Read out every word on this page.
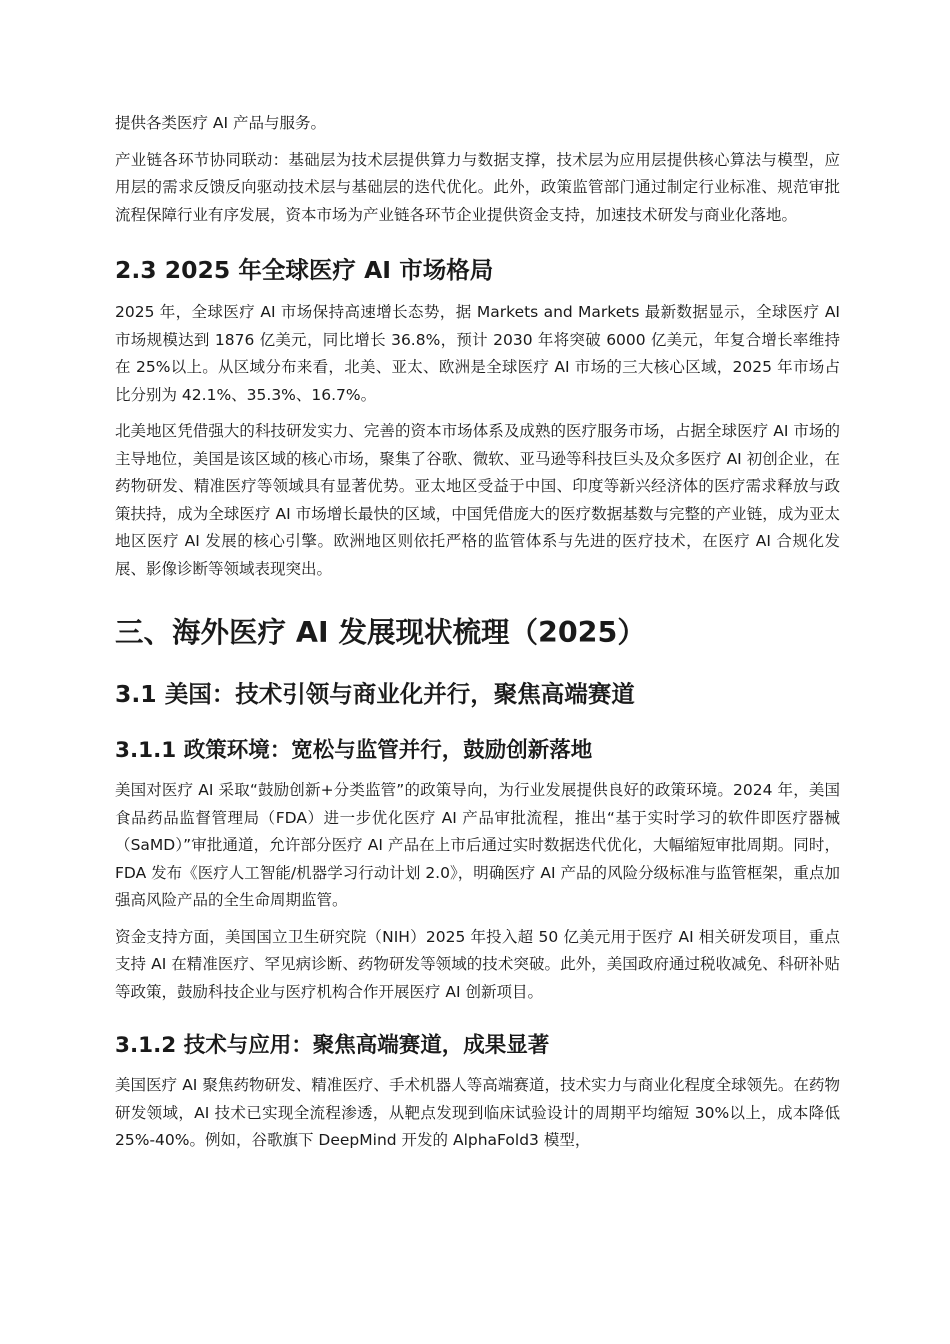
提供各类医疗 AI 产品与服务。

产业链各环节协同联动：基础层为技术层提供算力与数据支撑，技术层为应用层提供核心算法与模型，应用层的需求反馈反向驱动技术层与基础层的迭代优化。此外，政策监管部门通过制定行业标准、规范审批流程保障行业有序发展，资本市场为产业链各环节企业提供资金支持，加速技术研发与商业化落地。

2.3 2025 年全球医疗 AI 市场格局

2025 年，全球医疗 AI 市场保持高速增长态势，据 Markets and Markets 最新数据显示，全球医疗 AI 市场规模达到 1876 亿美元，同比增长 36.8%，预计 2030 年将突破 6000 亿美元，年复合增长率维持在 25%以上。从区域分布来看，北美、亚太、欧洲是全球医疗 AI 市场的三大核心区域，2025 年市场占比分别为 42.1%、35.3%、16.7%。

北美地区凭借强大的科技研发实力、完善的资本市场体系及成熟的医疗服务市场，占据全球医疗 AI 市场的主导地位，美国是该区域的核心市场，聚集了谷歌、微软、亚马逊等科技巨头及众多医疗 AI 初创企业，在药物研发、精准医疗等领域具有显著优势。亚太地区受益于中国、印度等新兴经济体的医疗需求释放与政策扶持，成为全球医疗 AI 市场增长最快的区域，中国凭借庞大的医疗数据基数与完整的产业链，成为亚太地区医疗 AI 发展的核心引擎。欧洲地区则依托严格的监管体系与先进的医疗技术，在医疗 AI 合规化发展、影像诊断等领域表现突出。

三、海外医疗 AI 发展现状梳理（2025）
3.1 美国：技术引领与商业化并行，聚焦高端赛道
3.1.1 政策环境：宽松与监管并行，鼓励创新落地

美国对医疗 AI 采取“鼓励创新+分类监管”的政策导向，为行业发展提供良好的政策环境。2024 年，美国食品药品监督管理局（FDA）进一步优化医疗 AI 产品审批流程，推出“基于实时学习的软件即医疗器械（SaMD）”审批通道，允许部分医疗 AI 产品在上市后通过实时数据迭代优化，大幅缩短审批周期。同时，FDA 发布《医疗人工智能/机器学习行动计划 2.0》，明确医疗 AI 产品的风险分级标准与监管框架，重点加强高风险产品的全生命周期监管。

资金支持方面，美国国立卫生研究院（NIH）2025 年投入超 50 亿美元用于医疗 AI 相关研发项目，重点支持 AI 在精准医疗、罕见病诊断、药物研发等领域的技术突破。此外，美国政府通过税收减免、科研补贴等政策，鼓励科技企业与医疗机构合作开展医疗 AI 创新项目。

3.1.2 技术与应用：聚焦高端赛道，成果显著

美国医疗 AI 聚焦药物研发、精准医疗、手术机器人等高端赛道，技术实力与商业化程度全球领先。在药物研发领域，AI 技术已实现全流程渗透，从靶点发现到临床试验设计的周期平均缩短 30%以上，成本降低 25%-40%。例如，谷歌旗下 DeepMind 开发的 AlphaFold3 模型，
